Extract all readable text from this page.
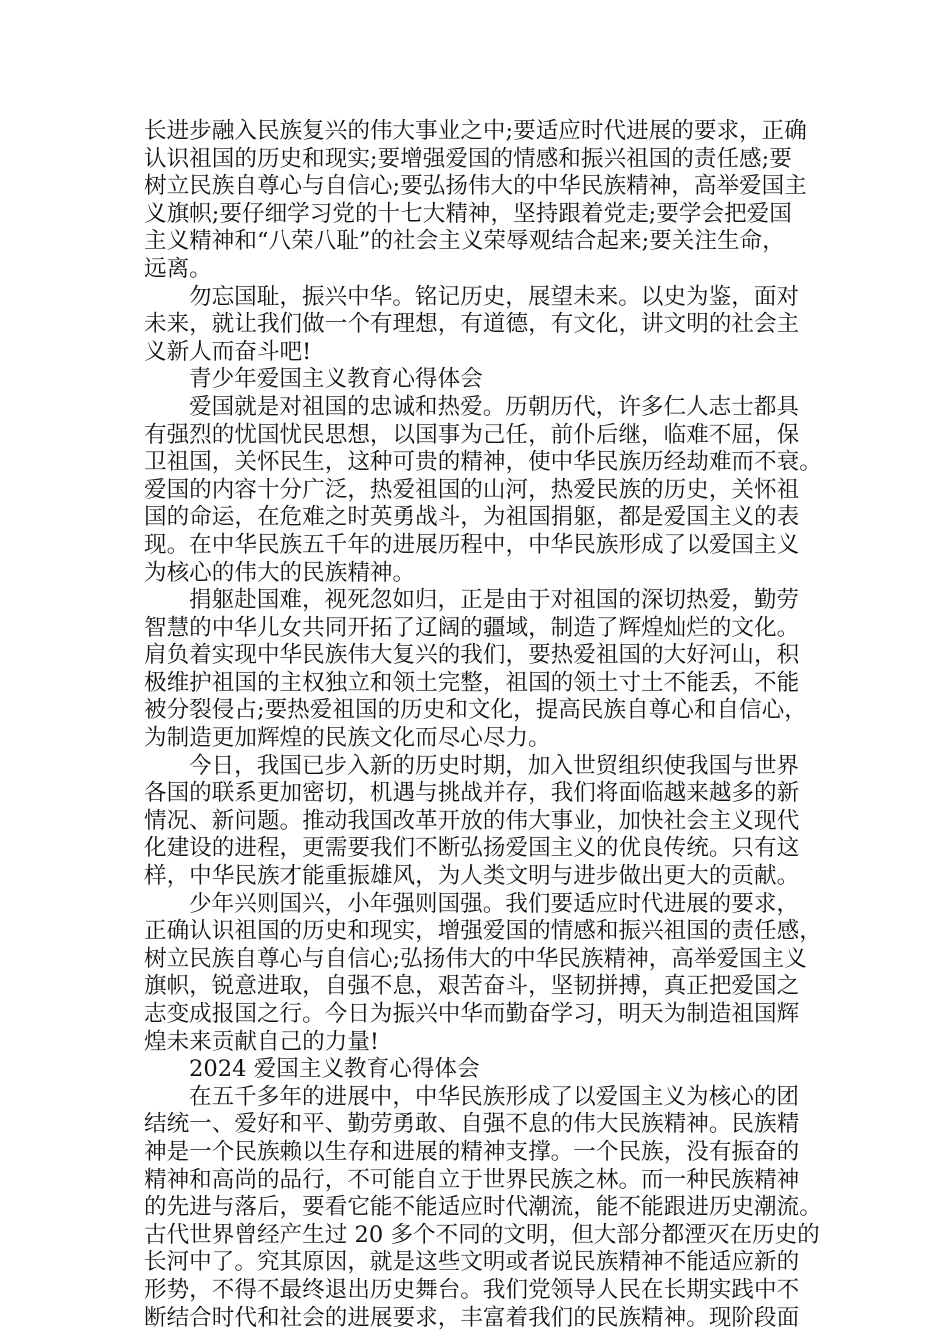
长进步融入民族复兴的伟大事业之中;要适应时代进展的要求，正确
认识祖国的历史和现实;要增强爱国的情感和振兴祖国的责任感;要
树立民族自尊心与自信心;要弘扬伟大的中华民族精神，高举爱国主
义旗帜;要仔细学习党的十七大精神，坚持跟着党走;要学会把爱国
主义精神和“八荣八耻”的社会主义荣辱观结合起来;要关注生命，
远离。
勿忘国耻，振兴中华。铭记历史，展望未来。以史为鉴，面对
未来，就让我们做一个有理想，有道德，有文化，讲文明的社会主
义新人而奋斗吧!
青少年爱国主义教育心得体会
爱国就是对祖国的忠诚和热爱。历朝历代，许多仁人志士都具
有强烈的忧国忧民思想，以国事为己任，前仆后继，临难不屈，保
卫祖国，关怀民生，这种可贵的精神，使中华民族历经劫难而不衰。
爱国的内容十分广泛，热爱祖国的山河，热爱民族的历史，关怀祖
国的命运，在危难之时英勇战斗，为祖国捐躯，都是爱国主义的表
现。在中华民族五千年的进展历程中，中华民族形成了以爱国主义
为核心的伟大的民族精神。
捐躯赴国难，视死忽如归，正是由于对祖国的深切热爱，勤劳
智慧的中华儿女共同开拓了辽阔的疆域，制造了辉煌灿烂的文化。
肩负着实现中华民族伟大复兴的我们，要热爱祖国的大好河山，积
极维护祖国的主权独立和领土完整，祖国的领土寸土不能丢，不能
被分裂侵占;要热爱祖国的历史和文化，提高民族自尊心和自信心，
为制造更加辉煌的民族文化而尽心尽力。
今日，我国已步入新的历史时期，加入世贸组织使我国与世界
各国的联系更加密切，机遇与挑战并存，我们将面临越来越多的新
情况、新问题。推动我国改革开放的伟大事业，加快社会主义现代
化建设的进程，更需要我们不断弘扬爱国主义的优良传统。只有这
样，中华民族才能重振雄风，为人类文明与进步做出更大的贡献。
少年兴则国兴，小年强则国强。我们要适应时代进展的要求，
正确认识祖国的历史和现实，增强爱国的情感和振兴祖国的责任感，
树立民族自尊心与自信心;弘扬伟大的中华民族精神，高举爱国主义
旗帜，锐意进取，自强不息，艰苦奋斗，坚韧拼搏，真正把爱国之
志变成报国之行。今日为振兴中华而勤奋学习，明天为制造祖国辉
煌未来贡献自己的力量!
2024 爱国主义教育心得体会
在五千多年的进展中，中华民族形成了以爱国主义为核心的团
结统一、爱好和平、勤劳勇敢、自强不息的伟大民族精神。民族精
神是一个民族赖以生存和进展的精神支撑。一个民族，没有振奋的
精神和高尚的品行，不可能自立于世界民族之林。而一种民族精神
的先进与落后，要看它能不能适应时代潮流，能不能跟进历史潮流。
古代世界曾经产生过 20 多个不同的文明，但大部分都湮灭在历史的
长河中了。究其原因，就是这些文明或者说民族精神不能适应新的
形势，不得不最终退出历史舞台。我们党领导人民在长期实践中不
断结合时代和社会的进展要求，丰富着我们的民族精神。现阶段面
